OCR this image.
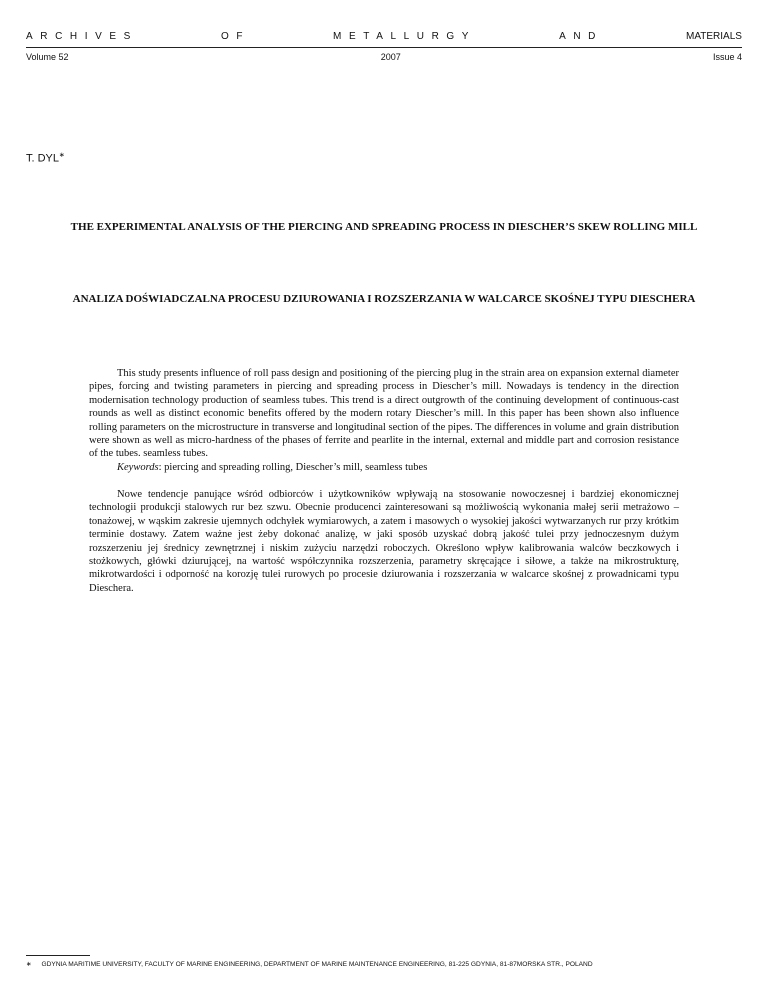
ARCHIVES	OF	METALLURGY	AND	MATERIALS
Volume 52	2007	Issue 4
T. DYL∗
THE EXPERIMENTAL ANALYSIS OF THE PIERCING AND SPREADING PROCESS IN DIESCHER’S SKEW ROLLING MILL
ANALIZA DOŚWIADCZALNA PROCESU DZIUROWANIA I ROZSZERZANIA W WALCARCE SKOŚNEJ TYPU DIESCHERA

This study presents influence of roll pass design and positioning of the piercing plug in the strain area on expansion external diameter pipes, forcing and twisting parameters in piercing and spreading process in Diescher’s mill. Nowadays is tendency in the direction modernisation technology production of seamless tubes. This trend is a direct outgrowth of the continuing development of continuous-cast rounds as well as distinct economic benefits offered by the modern rotary Diescher’s mill. In this paper has been shown also influence rolling parameters on the microstructure in transverse and longitudinal section of the pipes. The differences in volume and grain distribution were shown as well as micro-hardness of the phases of ferrite and pearlite in the internal, external and middle part and corrosion resistance of the tubes. seamless tubes.

Keywords: piercing and spreading rolling, Diescher’s mill, seamless tubes

Nowe tendencje panujące wśród odbiorców i użytkowników wpływają na stosowanie nowoczesnej i bardziej ekonomicznej technologii produkcji stalowych rur bez szwu. Obecnie producenci zainteresowani są możliwością wykonania małej serii metrażowo – tonażowej, w wąskim zakresie ujemnych odchyłek wymiarowych, a zatem i masowych o wysokiej jakości wytwarzanych rur przy krótkim terminie dostawy. Zatem ważne jest żeby dokonać analizę, w jaki sposób uzyskać dobrą jakość tulei przy jednoczesnym dużym rozszerzeniu jej średnicy zewnętrznej i niskim zużyciu narzędzi roboczych. Określono wpływ kalibrowania walców beczkowych i stożkowych, główki dziurującej, na wartość współczynnika rozszerzenia, parametry skręcające i siłowe, a także na mikrostrukturę, mikrotwardości i odporność na korozję tulei rurowych po procesie dziurowania i rozszerzania w walcarce skośnej z prowadnicami typu Dieschera.

∗ GDYNIA MARITIME UNIVERSITY, FACULTY OF MARINE ENGINEERING, DEPARTMENT OF MARINE MAINTENANCE ENGINEERING, 81-225 GDYNIA, 81-87MORSKA STR., POLAND
